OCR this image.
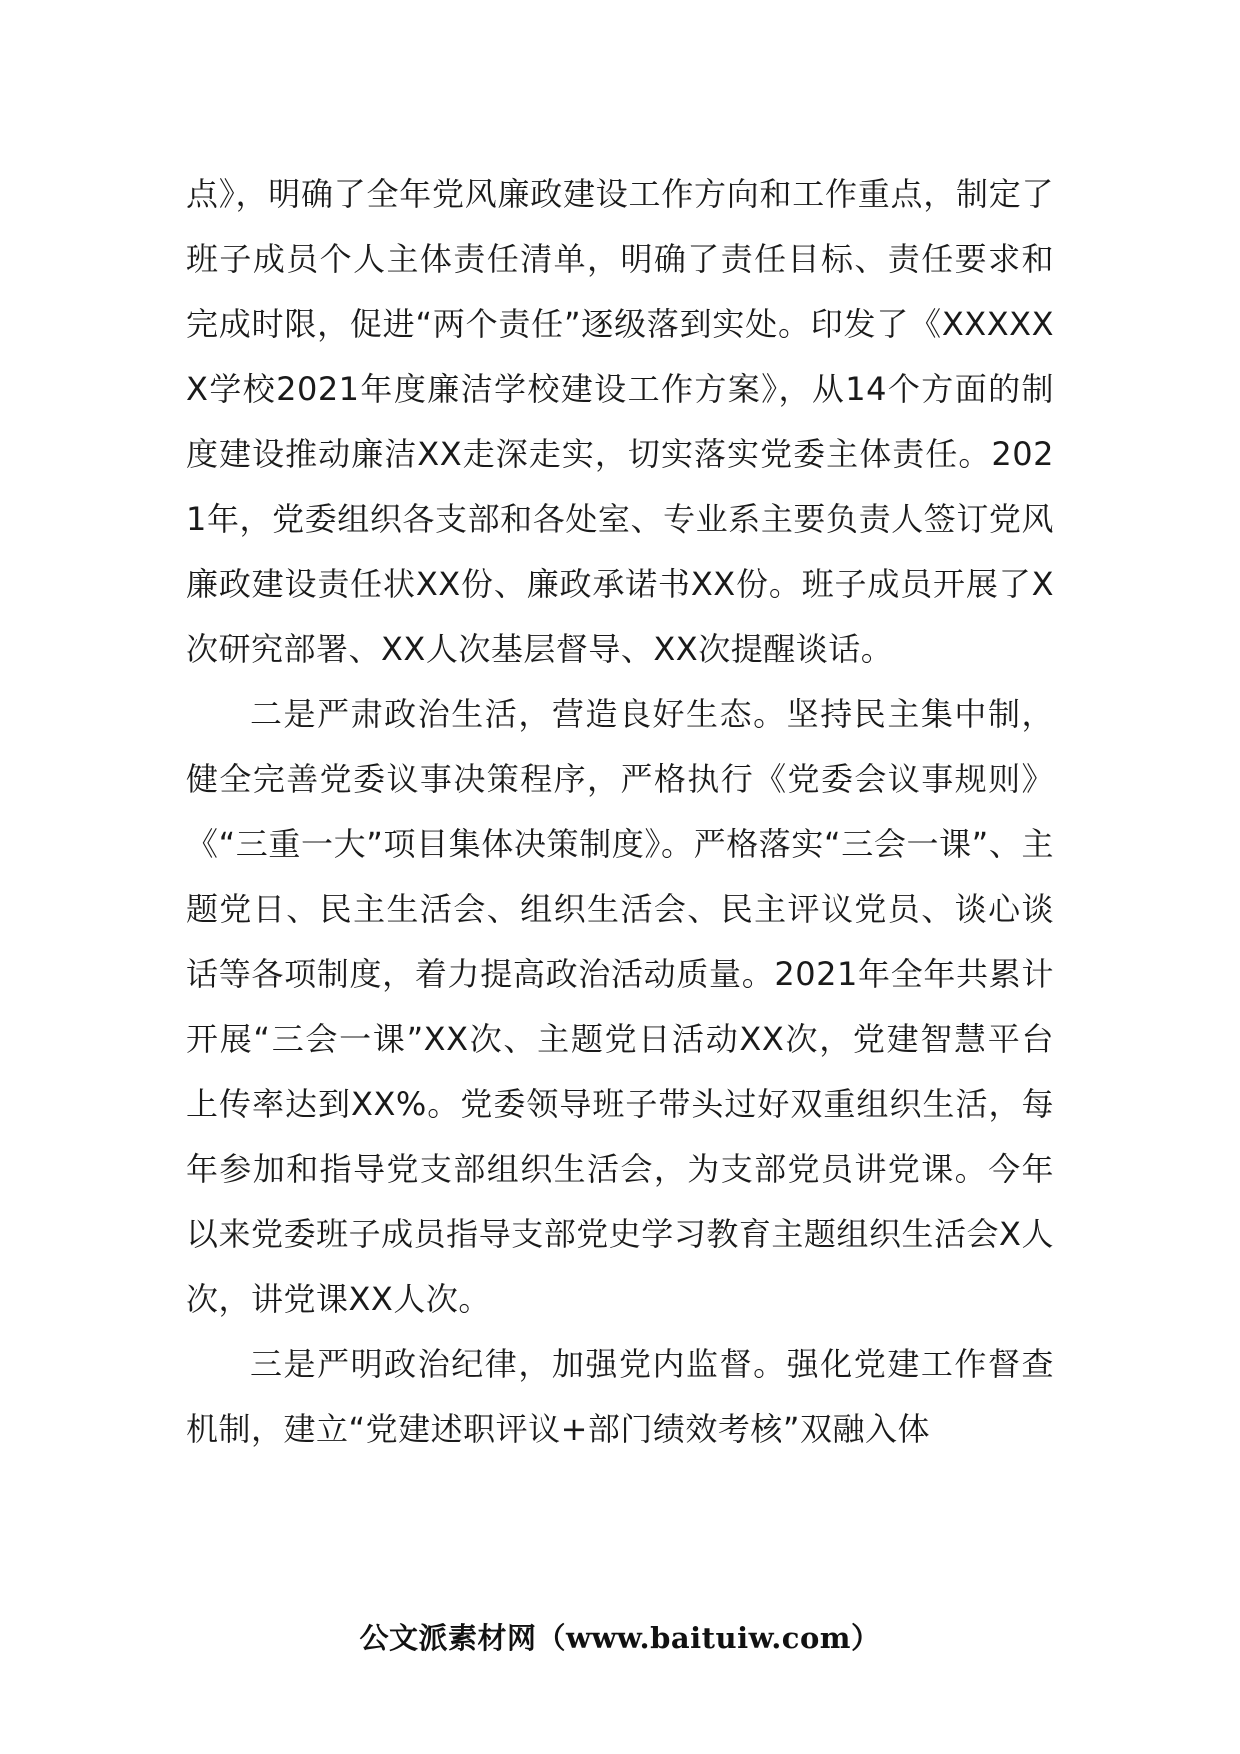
点》，明确了全年党风廉政建设工作方向和工作重点，制定了班子成员个人主体责任清单，明确了责任目标、责任要求和完成时限，促进“两个责任”逐级落到实处。印发了《XXXXXX学校2021年度廉洁学校建设工作方案》，从14个方面的制度建设推动廉洁XX走深走实，切实落实党委主体责任。2021年，党委组织各支部和各处室、专业系主要负责人签订党风廉政建设责任状XX份、廉政承诺书XX份。班子成员开展了X次研究部署、XX人次基层督导、XX次提醒谈话。

二是严肃政治生活，营造良好生态。坚持民主集中制，健全完善党委议事决策程序，严格执行《党委会议事规则》《“三重一大”项目集体决策制度》。严格落实“三会一课”、主题党日、民主生活会、组织生活会、民主评议党员、谈心谈话等各项制度，着力提高政治活动质量。2021年全年共累计开展“三会一课”XX次、主题党日活动XX次，党建智慧平台上传率达到XX%。党委领导班子带头过好双重组织生活，每年参加和指导党支部组织生活会，为支部党员讲党课。今年以来党委班子成员指导支部党史学习教育主题组织生活会X人次，讲党课XX人次。

三是严明政治纪律，加强党内监督。强化党建工作督查机制，建立“党建述职评议+部门绩效考核”双融入体

公文派素材网（www.baituiw.com）
